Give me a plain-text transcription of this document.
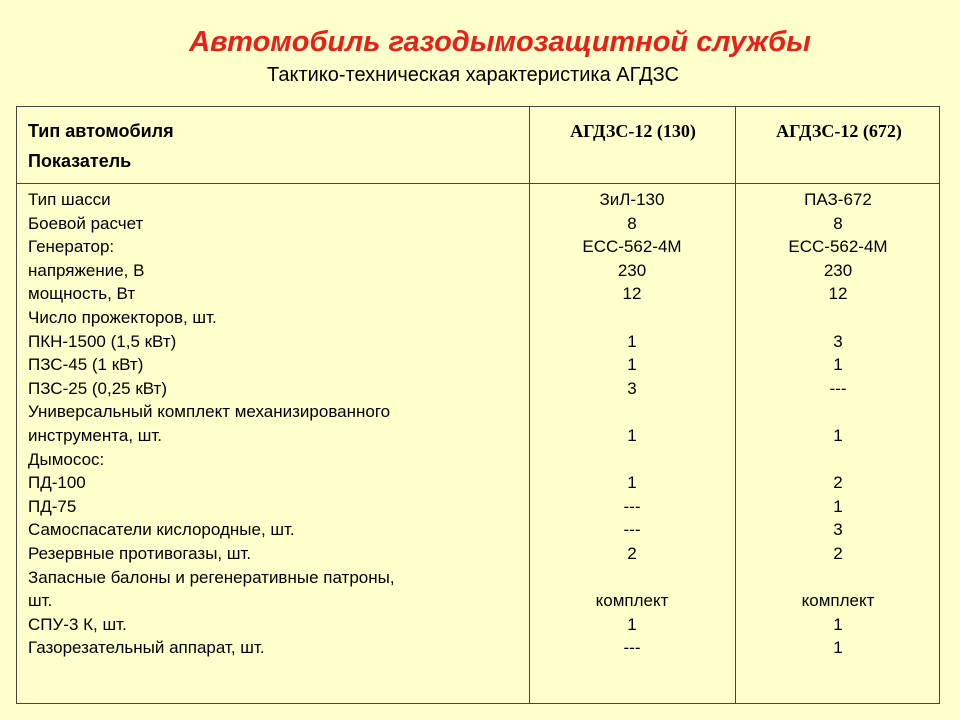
Автомобиль газодымозащитной службы
Тактико-техническая характеристика АГДЗС
Тип автомобиля
Показатель
АГДЗС-12 (130)	АГДЗС-12 (672)
Тип шасси
Боевой расчет
Генератор:
напряжение, В
мощность, Вт
Число прожекторов, шт.
ПКН-1500 (1,5 кВт)
ПЗС-45 (1 кВт)
ПЗС-25 (0,25 кВт)
Универсальный комплект механизированного
инструмента, шт.
Дымосос:
ПД-100
ПД-75
Самоспасатели кислородные, шт.
Резервные противогазы, шт.
Запасные балоны и регенеративные патроны,
шт.
СПУ-3 К, шт.
Газорезательный аппарат, шт.
ЗиЛ-130
8
ЕСС-562-4М
230
12
1
1
3
1
1
---
---
2
комплект
1
---
ПАЗ-672
8
ЕСС-562-4М
230
12
3
1
---
1
2
1
3
2
комплект
1
1
